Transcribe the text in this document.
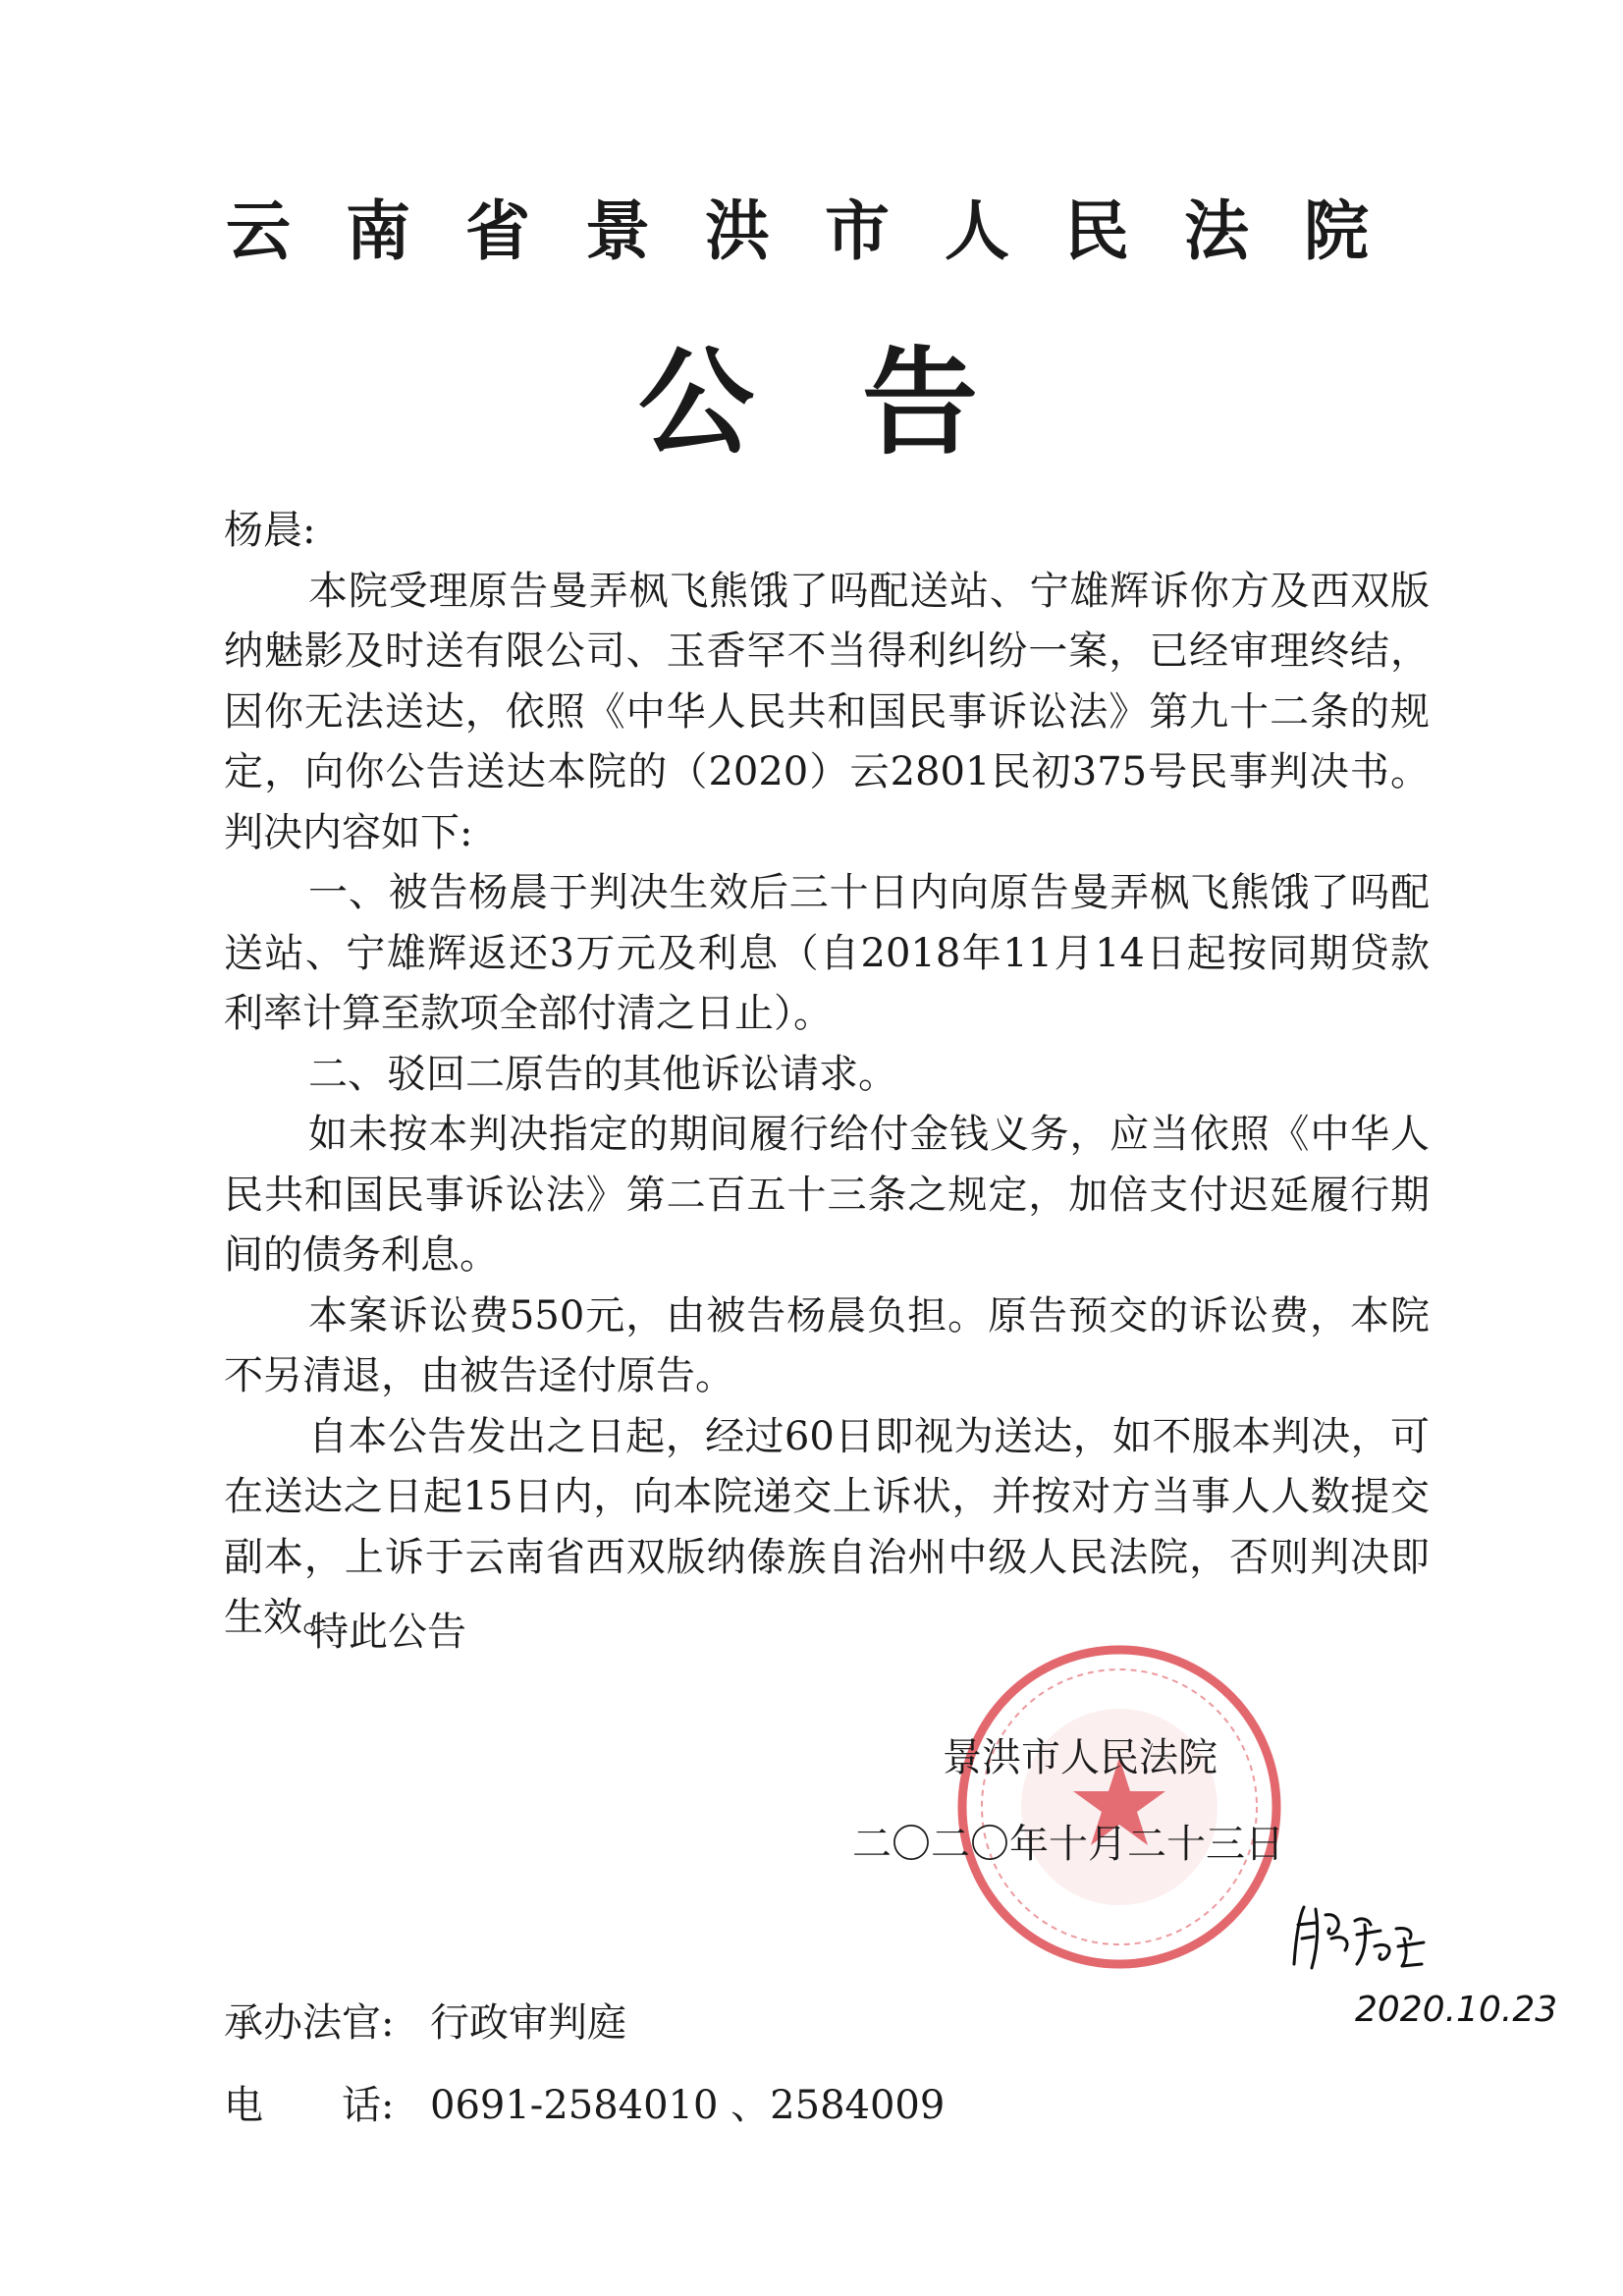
云南省景洪市人民法院
公告

杨晨:

本院受理原告曼弄枫飞熊饿了吗配送站、宁雄辉诉你方及西双版纳魅影及时送有限公司、玉香罕不当得利纠纷一案，已经审理终结，因你无法送达，依照《中华人民共和国民事诉讼法》第九十二条的规定，向你公告送达本院的（2020）云2801民初375号民事判决书。判决内容如下:

一、被告杨晨于判决生效后三十日内向原告曼弄枫飞熊饿了吗配送站、宁雄辉返还3万元及利息（自2018年11月14日起按同期贷款利率计算至款项全部付清之日止）。

二、驳回二原告的其他诉讼请求。

如未按本判决指定的期间履行给付金钱义务，应当依照《中华人民共和国民事诉讼法》第二百五十三条之规定，加倍支付迟延履行期间的债务利息。

本案诉讼费550元，由被告杨晨负担。原告预交的诉讼费，本院不另清退，由被告迳付原告。

自本公告发出之日起，经过60日即视为送达，如不服本判决，可在送达之日起15日内，向本院递交上诉状，并按对方当事人人数提交副本，上诉于云南省西双版纳傣族自治州中级人民法院，否则判决即生效。

特此公告
景洪市人民法院
二〇二〇年十月二十三日
2020.10.23
承办法官: 行政审判庭
电　　话: 0691-2584010 、2584009
